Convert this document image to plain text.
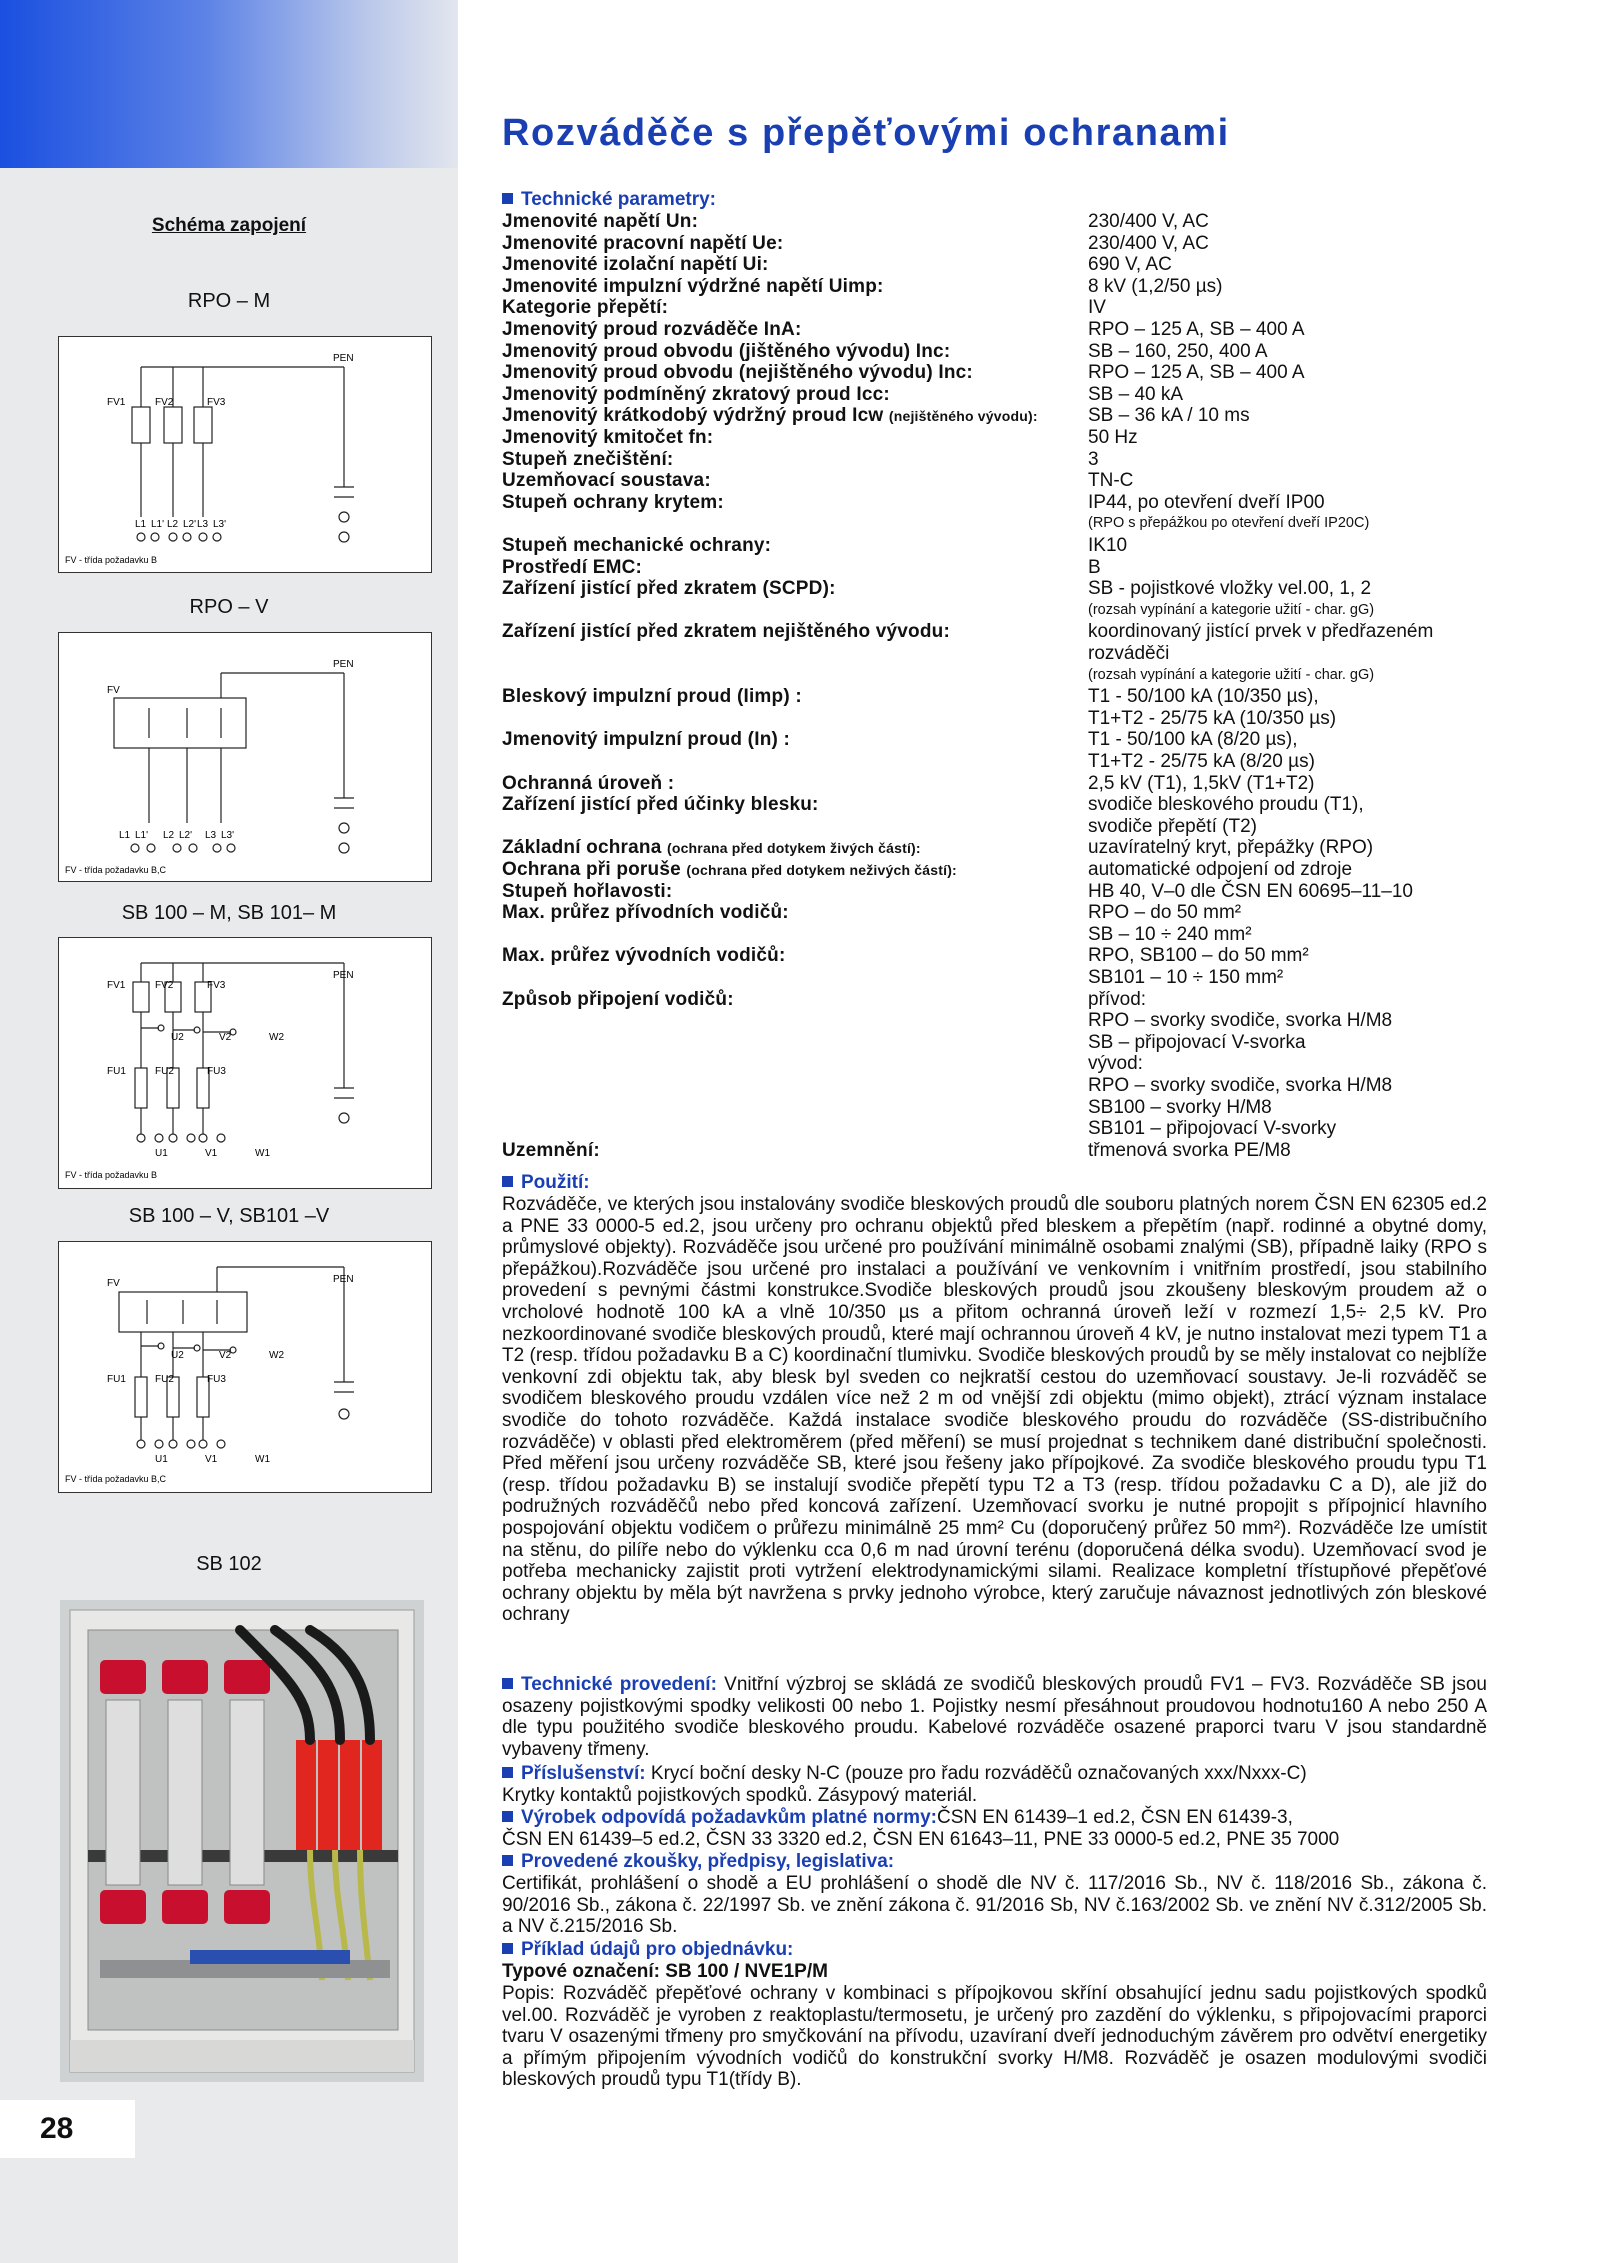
Rozváděče s přepěťovými ochranami
Schéma zapojení
RPO – M
PEN
FV1	FV2	FV3
L1 L1' L2 L2' L3 L3'
FV - třída požadavku B
RPO – V
PEN
FV
L1 L1' L2 L2' L3 L3'
FV - třída požadavku B,C
SB 100 – M, SB 101– M
PEN
FV1	FV2	FV3
U2	V2	W2
FU1	FU2	FU3
U1	V1	W1
FV - třída požadavku B
SB 100 – V, SB101 –V
PEN
FV
U2	V2	W2
FU1	FU2	FU3
U1	V1	W1
FV - třída požadavku B,C
SB 102
28
Technické parametry:
Jmenovité napětí Un:	230/400 V, AC
Jmenovité pracovní napětí Ue:	230/400 V, AC
Jmenovité izolační napětí Ui:	690 V, AC
Jmenovité impulzní výdržné napětí Uimp:	8 kV (1,2/50 µs)
Kategorie přepětí:	IV
Jmenovitý proud rozváděče InA:	RPO – 125 A, SB – 400 A
Jmenovitý proud obvodu (jištěného vývodu) Inc:	SB – 160, 250, 400 A
Jmenovitý proud obvodu (nejištěného vývodu) Inc:	RPO – 125 A, SB – 400 A
Jmenovitý podmíněný zkratový proud Icc:	SB – 40 kA
Jmenovitý krátkodobý výdržný proud Icw (nejištěného vývodu):	SB – 36 kA / 10 ms
Jmenovitý kmitočet fn:	50 Hz
Stupeň znečištění:	3
Uzemňovací soustava:	TN-C
Stupeň ochrany krytem:	IP44, po otevření dveří IP00
(RPO s přepážkou po otevření dveří IP20C)
Stupeň mechanické ochrany:	IK10
Prostředí EMC:	B
Zařízení jistící před zkratem (SCPD):	SB - pojistkové vložky vel.00, 1, 2
(rozsah vypínání a kategorie užití - char. gG)
Zařízení jistící před zkratem nejištěného vývodu:	koordinovaný jistící prvek v předřazeném
rozváděči
(rozsah vypínání a kategorie užití - char. gG)
Bleskový impulzní proud (Iimp) :	T1 - 50/100 kA (10/350 µs),
T1+T2 - 25/75 kA (10/350 µs)
Jmenovitý impulzní proud (In) :	T1 - 50/100 kA (8/20 µs),
T1+T2 - 25/75 kA (8/20 µs)
Ochranná úroveň :	2,5 kV (T1), 1,5kV (T1+T2)
Zařízení jistící před účinky blesku:	svodiče bleskového proudu (T1),
svodiče přepětí (T2)
Základní ochrana (ochrana před dotykem živých částí):	uzavíratelný kryt, přepážky (RPO)
Ochrana při poruše (ochrana před dotykem neživých částí):	automatické odpojení od zdroje
Stupeň hořlavosti:	HB 40, V–0 dle ČSN EN 60695–11–10
Max. průřez přívodních vodičů:	RPO – do 50 mm²
SB – 10 ÷ 240 mm²
Max. průřez vývodních vodičů:	RPO, SB100 – do 50 mm²
SB101 – 10 ÷ 150 mm²
Způsob připojení vodičů:	přívod:
RPO – svorky svodiče, svorka H/M8
SB – připojovací V-svorka
vývod:
RPO – svorky svodiče, svorka H/M8
SB100 – svorky H/M8
SB101 – připojovací V-svorky
Uzemnění:	třmenová svorka PE/M8
Použití:
Rozváděče, ve kterých jsou instalovány svodiče bleskových proudů dle souboru platných norem ČSN EN 62305 ed.2 a PNE 33 0000-5 ed.2, jsou určeny pro ochranu objektů před bleskem a přepětím (např. rodinné a obytné domy, průmyslové objekty). Rozváděče jsou určené pro používání minimálně osobami znalými (SB), případně laiky (RPO s přepážkou).Rozváděče jsou určené pro instalaci a používání ve venkovním i vnitřním prostředí, jsou stabilního provedení s pevnými částmi konstrukce.Svodiče bleskových proudů jsou zkoušeny bleskovým proudem až o vrcholové hodnotě 100 kA a vlně 10/350 µs a přitom ochranná úroveň leží v rozmezí 1,5÷ 2,5 kV. Pro nezkoordinované svodiče bleskových proudů, které mají ochrannou úroveň 4 kV, je nutno instalovat mezi typem T1 a T2 (resp. třídou požadavku B a C) koordinační tlumivku. Svodiče bleskových proudů by se měly instalovat co nejblíže venkovní zdi objektu tak, aby blesk byl sveden co nejkratší cestou do uzemňovací soustavy. Je-li rozváděč se svodičem bleskového proudu vzdálen více než 2 m od vnější zdi objektu (mimo objekt), ztrácí význam instalace svodiče do tohoto rozváděče. Každá instalace svodiče bleskového proudu do rozváděče (SS-distribučního rozváděče) v oblasti před elektroměrem (před měření) se musí projednat s technikem dané distribuční společnosti. Před měření jsou určeny rozváděče SB, které jsou řešeny jako přípojkové. Za svodiče bleskového proudu typu T1 (resp. třídou požadavku B) se instalují svodiče přepětí typu T2 a T3 (resp. třídou požadavku C a D), ale již do podružných rozváděčů nebo před koncová zařízení. Uzemňovací svorku je nutné propojit s přípojnicí hlavního pospojování objektu vodičem o průřezu minimálně 25 mm² Cu (doporučený průřez 50 mm²). Rozváděče lze umístit na stěnu, do pilíře nebo do výklenku cca 0,6 m nad úrovní terénu (doporučená délka svodu). Uzemňovací svod je potřeba mechanicky zajistit proti vytržení elektrodynamickými silami. Realizace kompletní třístupňové přepěťové ochrany objektu by měla být navržena s prvky jednoho výrobce, který zaručuje návaznost jednotlivých zón bleskové ochrany
Technické provedení: Vnitřní výzbroj se skládá ze svodičů bleskových proudů FV1 – FV3. Rozváděče SB jsou osazeny pojistkovými spodky velikosti 00 nebo 1. Pojistky nesmí přesáhnout proudovou hodnotu160 A nebo 250 A dle typu použitého svodiče bleskového proudu. Kabelové rozváděče osazené praporci tvaru V jsou standardně vybaveny třmeny.
Příslušenství: Krycí boční desky N-C (pouze pro řadu rozváděčů označovaných xxx/Nxxx-C)
Krytky kontaktů pojistkových spodků. Zásypový materiál.
Výrobek odpovídá požadavkům platné normy:ČSN EN 61439–1 ed.2, ČSN EN 61439-3,
ČSN EN 61439–5 ed.2, ČSN 33 3320 ed.2, ČSN EN 61643–11, PNE 33 0000-5 ed.2, PNE 35 7000
Provedené zkoušky, předpisy, legislativa:
Certifikát, prohlášení o shodě a EU prohlášení o shodě dle NV č. 117/2016 Sb., NV č. 118/2016 Sb., zákona č. 90/2016 Sb., zákona č. 22/1997 Sb. ve znění zákona č. 91/2016 Sb, NV č.163/2002 Sb. ve znění NV č.312/2005 Sb. a NV č.215/2016 Sb.
Příklad údajů pro objednávku:
Typové označení: SB 100 / NVE1P/M
Popis: Rozváděč přepěťové ochrany v kombinaci s přípojkovou skříní obsahující jednu sadu pojistkových spodků vel.00. Rozváděč je vyroben z reaktoplastu/termosetu, je určený pro zazdění do výklenku, s připojovacími praporci tvaru V osazenými třmeny pro smyčkování na přívodu, uzavíraní dveří jednoduchým závěrem pro odvětví energetiky a přímým připojením vývodních vodičů do konstrukční svorky H/M8. Rozváděč je osazen modulovými svodiči bleskových proudů typu T1(třídy B).
